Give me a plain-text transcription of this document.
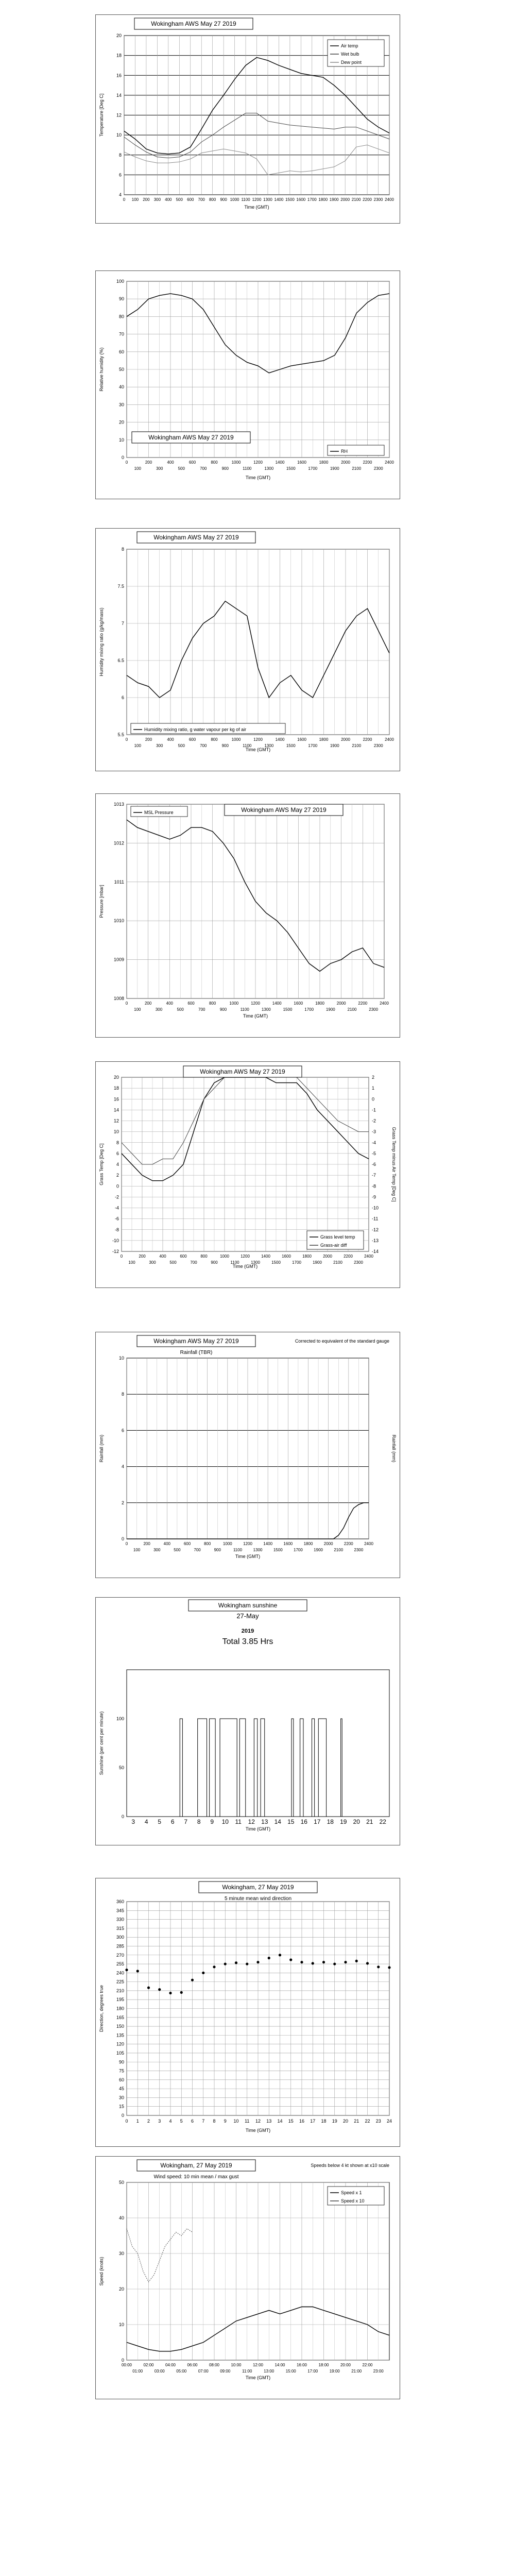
4
6
8
10
12
14
16
18
20
0 100 200 300 400 500 600 700 800 900 1000 1100 1200 1300 1400 1500 1600 1700 1800 1900 2000 2100 2200 2300 2400
Time (GMT)
Temperature [Deg C]
Wokingham AWS May 27 2019
Air temp
Wet bulb
Dew point
0
10
20
30
40
50
60
70
80
90
100
0	200	400	600	800	1000	1200	1400	1600	1800	2000	2200	2400
100	300	500	700	900	1100	1300	1500	1700	1900	2100	2300
Time (GMT)
Relative humidity (%)
Wokingham AWS May 27 2019
RH
5.5
6
6.5
7
7.5
8
0	200	400	600	800	1000	1200	1400	1600	1800	2000	2200	2400
100	300	500	700	900	1100	1300	1500	1700	1900	2100	2300
Time (GMT)
Humidity mixing ratio (g/kg/mass)
Wokingham AWS May 27 2019
Humidity mixing ratio, g water vapour per kg of air
1008
1009
1010
1011
1012
1013
0	200	400	600	800	1000	1200	1400	1600	1800	2000	2200	2400
100	300	500	700	900	1100	1300	1500	1700	1900	2100	2300
Time (GMT)
Pressure [mbar]
Wokingham AWS May 27 2019
MSL Pressure
-12
-10
-8
-6
-4
-2
0
2
4
6
8
10
12
14
16
18
20
-14
-13
-12
-11
-10
-9
-8
-7
-6
-5
-4
-3
-2
-1
0
1
2
0	200	400	600	800	1000	1200	1400	1600	1800	2000	2200	2400
100	300	500	700	900	1100	1300	1500	1700	1900	2100	2300
Time (GMT)
Grass Temp [Deg C]	Grass Temp minus Air Temp [Deg C]
Wokingham AWS May 27 2019
Grass level temp
Grass-air diff
0
2
4
6
8
10
0	200	400	600	800	1000	1200	1400	1600	1800	2000	2200	2400
100	300	500	700	900	1100	1300	1500	1700	1900	2100	2300
Time (GMT)
Rainfall (mm)	Rainfall (mm)
Wokingham AWS May 27 2019
Rainfall (TBR)
Corrected to equivalent of the standard gauge
0
50
100
3 4 5 6 7 8 9 10 11 12 13 14 15 16 17 18 19 20 21 22
Time (GMT)
Sunshine (per cent per minute)
27-May
2019
Total 3.85 Hrs
Wokingham sunshine
0
15
30
45
60
75
90
105
120
135
150
165
180
195
210
225
240
255
270
285
300
315
330
345
360
0 1 2 3 4 5 6 7 8 9 10 11 12 13 14 15 16 17 18 19 20 21 22 23 24
Time (GMT)
Direction, degrees true
Wokingham, 27 May 2019
5 minute mean wind direction
0
10
20
30
40
50
00:00	02:00	04:00	06:00	08:00	10:00	12:00	14:00	16:00	18:00	20:00	22:00
01:00	03:00	05:00	07:00	09:00	11:00	13:00	15:00	17:00	19:00	21:00	23:00
Time (GMT)
Speed (knots)
Wokingham, 27 May 2019
Wind speed: 10 min mean / max gust
Speeds below 4 kt shown at x10 scale
Speed x 1
Speed x 10
